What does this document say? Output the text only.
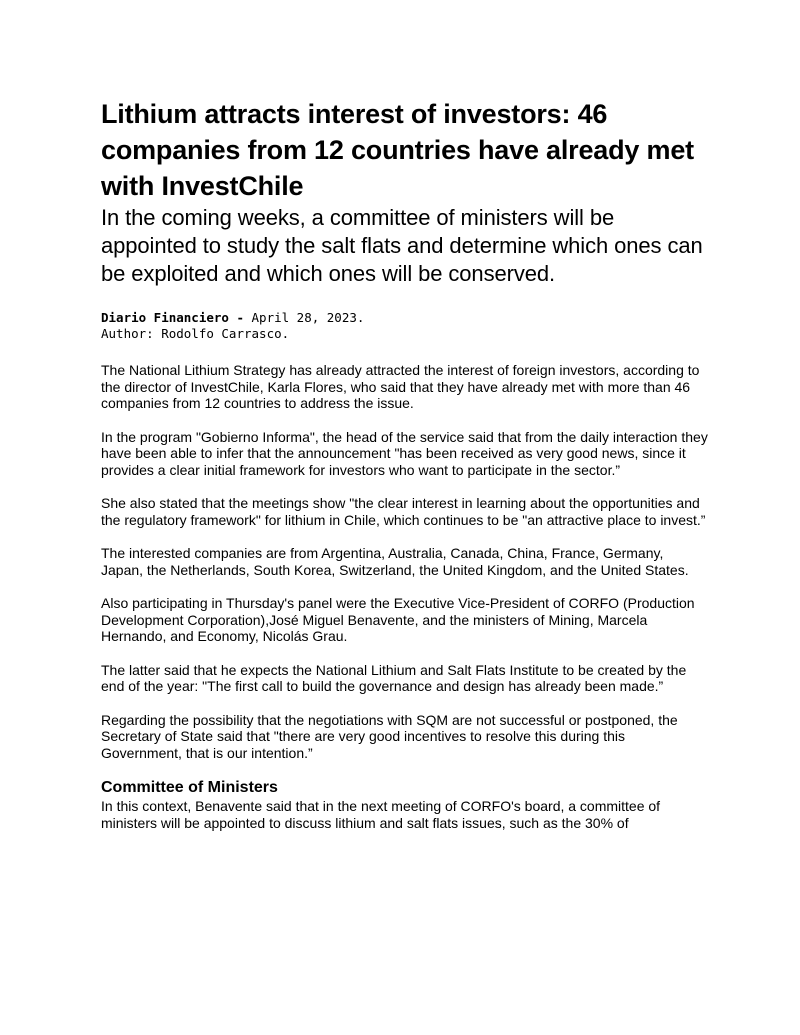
Lithium attracts interest of investors: 46 companies from 12 countries have already met with InvestChile

In the coming weeks, a committee of ministers will be appointed to study the salt flats and determine which ones can be exploited and which ones will be conserved.

Diario Financiero - April 28, 2023.
Author: Rodolfo Carrasco.

The National Lithium Strategy has already attracted the interest of foreign investors, according to the director of InvestChile, Karla Flores, who said that they have already met with more than 46 companies from 12 countries to address the issue.

In the program "Gobierno Informa", the head of the service said that from the daily interaction they have been able to infer that the announcement "has been received as very good news, since it provides a clear initial framework for investors who want to participate in the sector.”

She also stated that the meetings show "the clear interest in learning about the opportunities and the regulatory framework" for lithium in Chile, which continues to be "an attractive place to invest.”

The interested companies are from Argentina, Australia, Canada, China, France, Germany, Japan, the Netherlands, South Korea, Switzerland, the United Kingdom, and the United States.

Also participating in Thursday's panel were the Executive Vice-President of CORFO (Production Development Corporation),José Miguel Benavente, and the ministers of Mining, Marcela Hernando, and Economy, Nicolás Grau.

The latter said that he expects the National Lithium and Salt Flats Institute to be created by the end of the year: "The first call to build the governance and design has already been made.”

Regarding the possibility that the negotiations with SQM are not successful or postponed, the Secretary of State said that "there are very good incentives to resolve this during this Government, that is our intention.”

Committee of Ministers

In this context, Benavente said that in the next meeting of CORFO's board, a committee of ministers will be appointed to discuss lithium and salt flats issues, such as the 30% of
